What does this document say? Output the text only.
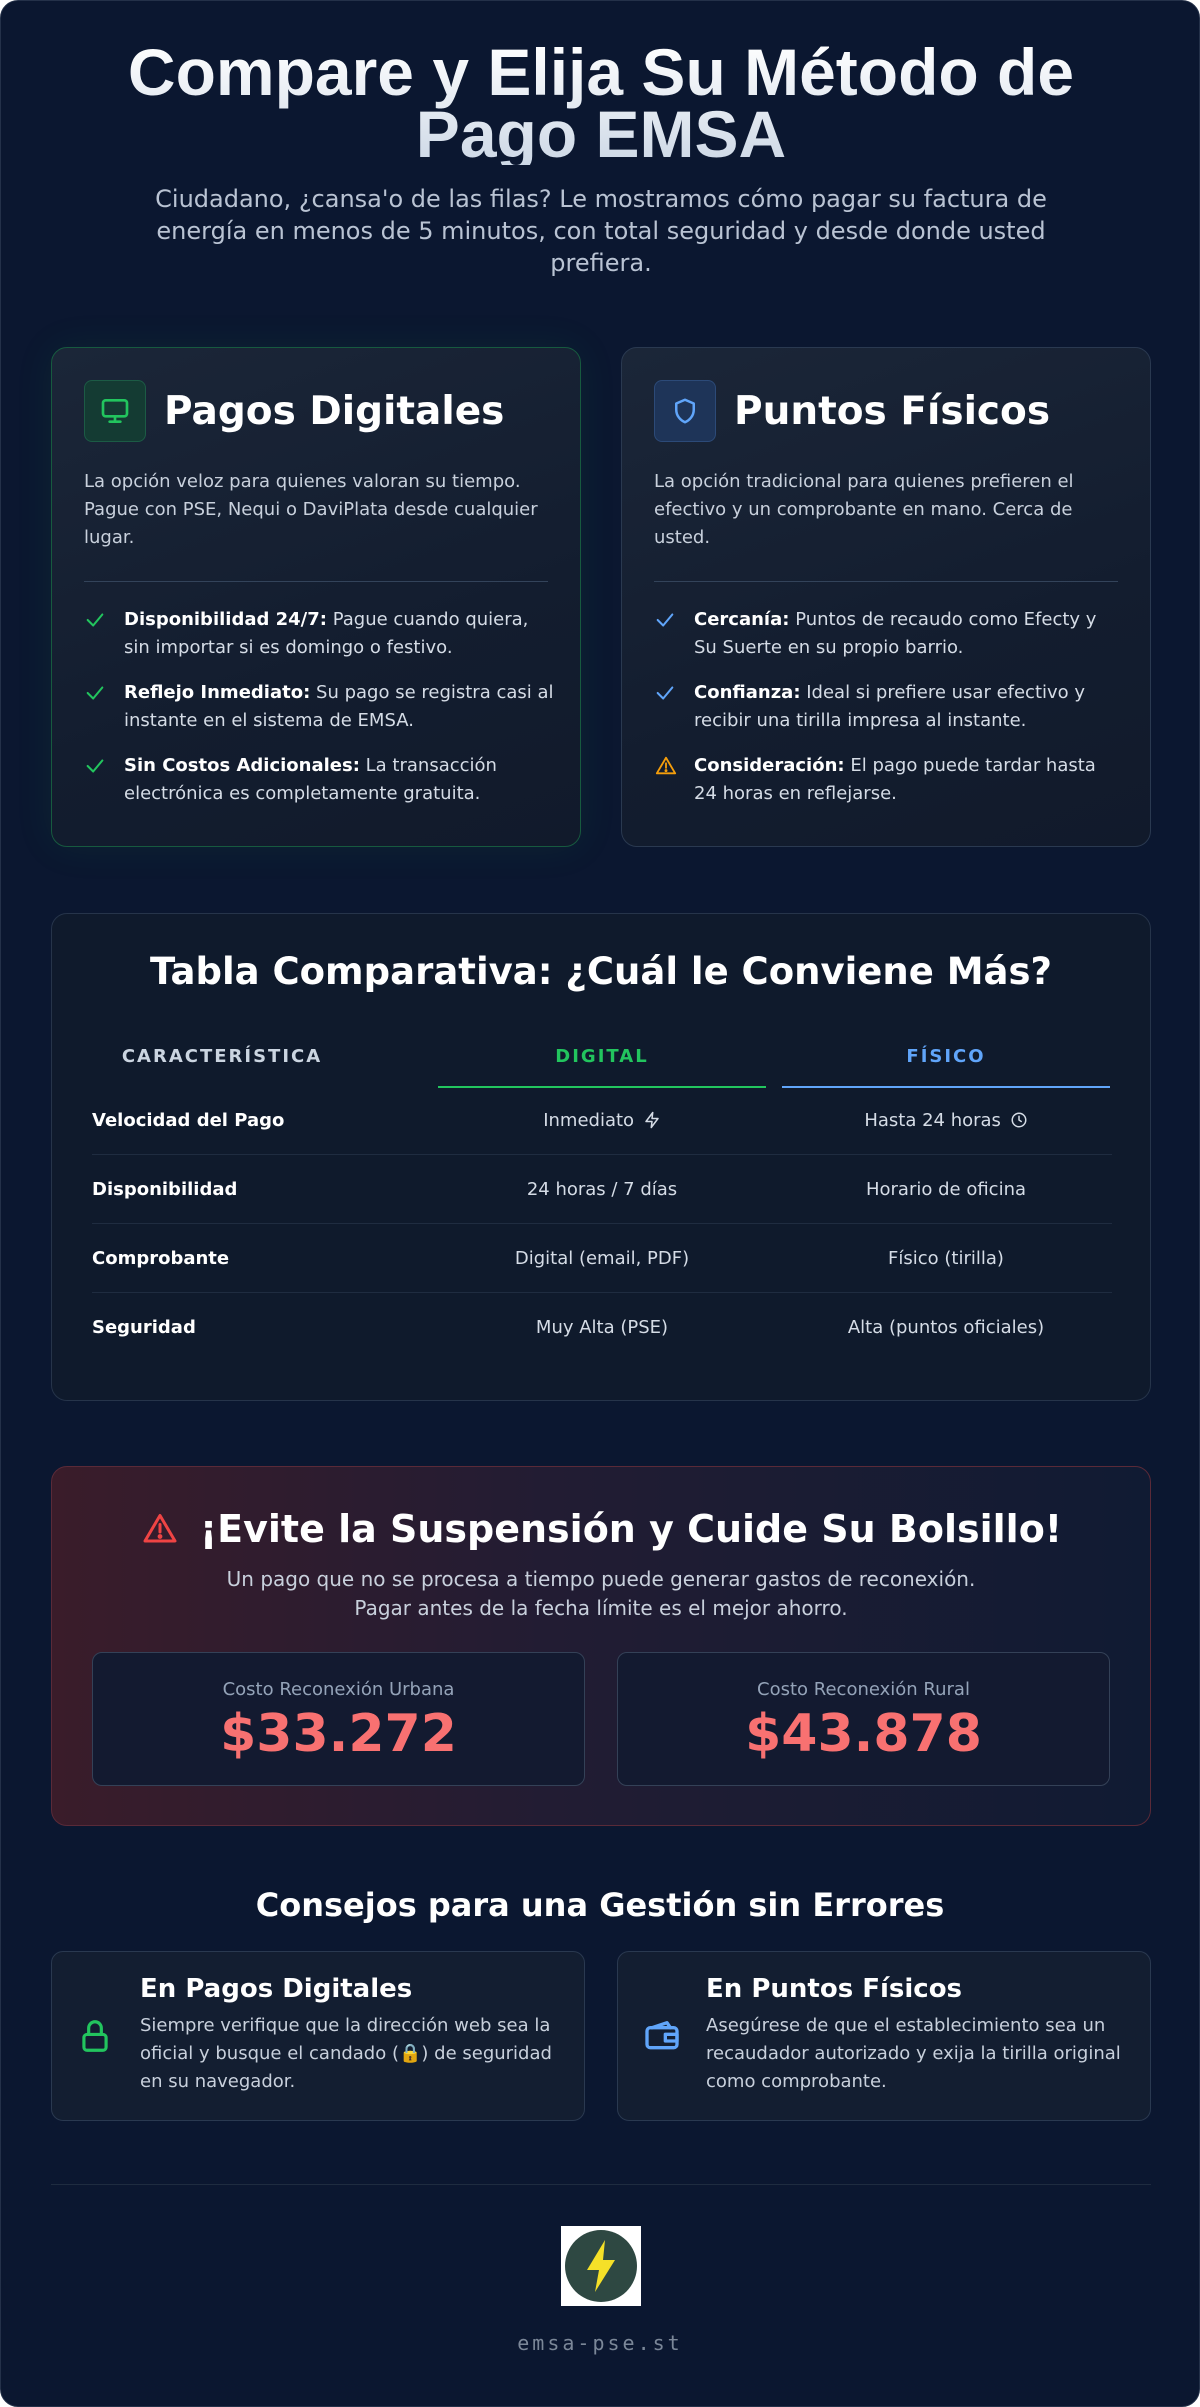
Compare y Elija Su Método de Pago EMSA

Ciudadano, ¿cansa'o de las filas? Le mostramos cómo pagar su factura de energía en menos de 5 minutos, con total seguridad y desde donde usted prefiera.

Pagos Digitales
La opción veloz para quienes valoran su tiempo. Pague con PSE, Nequi o DaviPlata desde cualquier lugar.
Disponibilidad 24/7: Pague cuando quiera, sin importar si es domingo o festivo.
Reflejo Inmediato: Su pago se registra casi al instante en el sistema de EMSA.
Sin Costos Adicionales: La transacción electrónica es completamente gratuita.
Puntos Físicos
La opción tradicional para quienes prefieren el efectivo y un comprobante en mano. Cerca de usted.
Cercanía: Puntos de recaudo como Efecty y Su Suerte en su propio barrio.
Confianza: Ideal si prefiere usar efectivo y recibir una tirilla impresa al instante.
Consideración: El pago puede tardar hasta 24 horas en reflejarse.
Tabla Comparativa: ¿Cuál le Conviene Más?
CARACTERÍSTICA	DIGITAL	FÍSICO
Velocidad del Pago	Inmediato	Hasta 24 horas
Disponibilidad	24 horas / 7 días	Horario de oficina
Comprobante	Digital (email, PDF)	Físico (tirilla)
Seguridad	Muy Alta (PSE)	Alta (puntos oficiales)
¡Evite la Suspensión y Cuide Su Bolsillo!

Un pago que no se procesa a tiempo puede generar gastos de reconexión.
Pagar antes de la fecha límite es el mejor ahorro.

Costo Reconexión Urbana
$33.272
Costo Reconexión Rural
$43.878
Consejos para una Gestión sin Errores
En Pagos Digitales
Siempre verifique que la dirección web sea la oficial y busque el candado (🔒) de seguridad en su navegador.
En Puntos Físicos
Asegúrese de que el establecimiento sea un recaudador autorizado y exija la tirilla original como comprobante.
emsa-pse.st
